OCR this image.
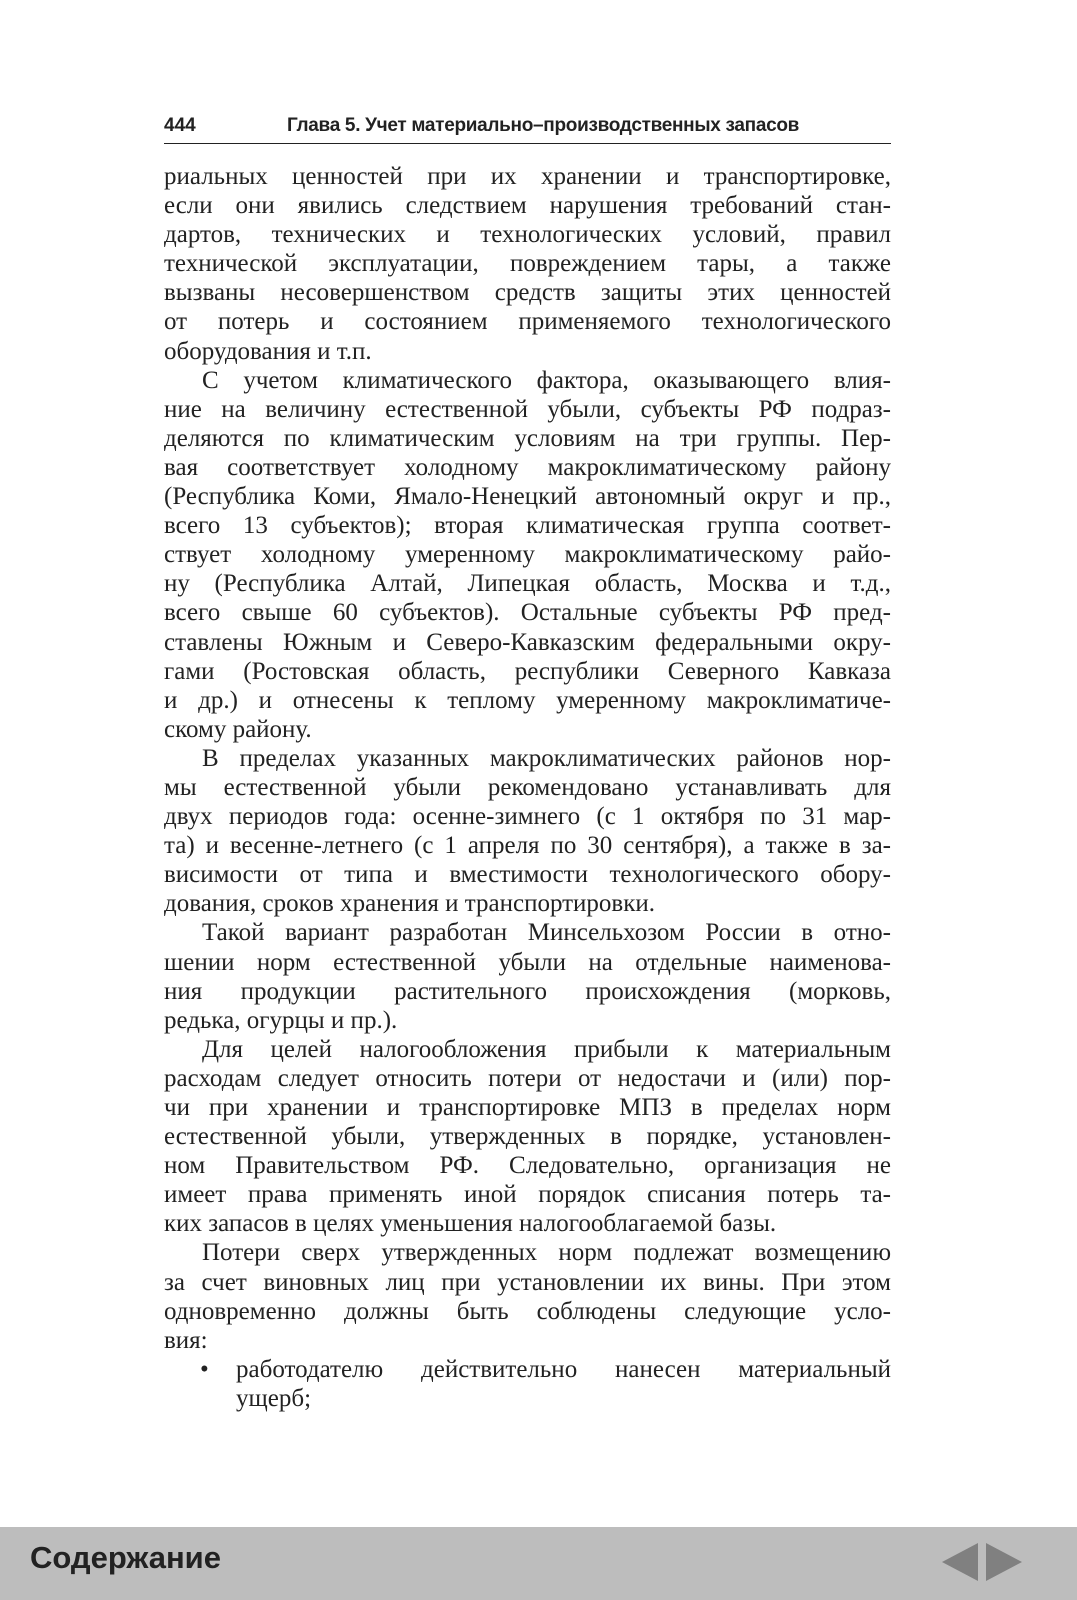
444	Глава 5. Учет материально–производственных запасов
риальных ценностей при их хранении и транспортировке,
если они явились следствием нарушения требований стан-
дартов, технических и технологических условий, правил
технической эксплуатации, повреждением тары, а также
вызваны несовершенством средств защиты этих ценностей
от потерь и состоянием применяемого технологического
оборудования и т.п.
С учетом климатического фактора, оказывающего влия-
ние на величину естественной убыли, субъекты РФ подраз-
деляются по климатическим условиям на три группы. Пер-
вая соответствует холодному макроклиматическому району
(Республика Коми, Ямало-Ненецкий автономный округ и пр.,
всего 13 субъектов); вторая климатическая группа соответ-
ствует холодному умеренному макроклиматическому райо-
ну (Республика Алтай, Липецкая область, Москва и т.д.,
всего свыше 60 субъектов). Остальные субъекты РФ пред-
ставлены Южным и Северо-Кавказским федеральными окру-
гами (Ростовская область, республики Северного Кавказа
и др.) и отнесены к теплому умеренному макроклиматиче-
скому району.
В пределах указанных макроклиматических районов нор-
мы естественной убыли рекомендовано устанавливать для
двух периодов года: осенне-зимнего (с 1 октября по 31 мар-
та) и весенне-летнего (с 1 апреля по 30 сентября), а также в за-
висимости от типа и вместимости технологического обору-
дования, сроков хранения и транспортировки.
Такой вариант разработан Минсельхозом России в отно-
шении норм естественной убыли на отдельные наименова-
ния продукции растительного происхождения (морковь,
редька, огурцы и пр.).
Для целей налогообложения прибыли к материальным
расходам следует относить потери от недостачи и (или) пор-
чи при хранении и транспортировке МПЗ в пределах норм
естественной убыли, утвержденных в порядке, установлен-
ном Правительством РФ. Следовательно, организация не
имеет права применять иной порядок списания потерь та-
ких запасов в целях уменьшения налогооблагаемой базы.
Потери сверх утвержденных норм подлежат возмещению
за счет виновных лиц при установлении их вины. При этом
одновременно должны быть соблюдены следующие усло-
вия:
• работодателю действительно нанесен материальный
ущерб;
Содержание
